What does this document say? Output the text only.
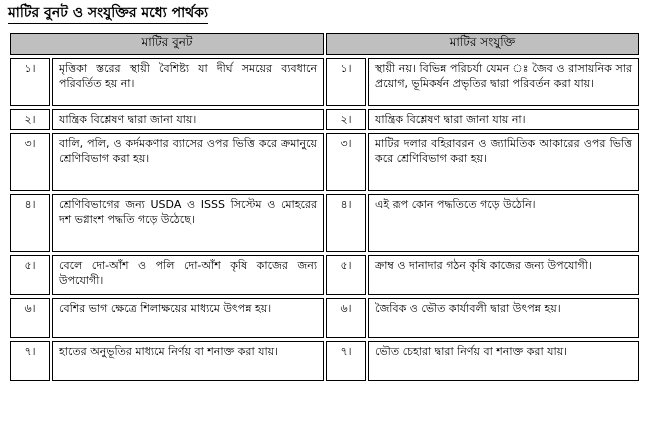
মাটির বুনট ও সংযুক্তির মধ্যে পার্থক্য
মাটির বুনট		মাটির সংযুক্তি	
১।	মৃত্তিকা স্তরের স্থায়ী বৈশিষ্ট্য যা দীর্ঘ সময়ের ব্যবধানে পরিবর্তিত হয় না।	১।	স্থায়ী নয়। বিভিন্ন পরিচর্যা যেমন ঃ জৈব ও রাসায়নিক সার প্রয়োগ, ভূমিকর্ষন প্রভৃতির দ্বারা পরিবর্তন করা যায়।
২।	যান্ত্রিক বিশ্লেষণ দ্বারা জানা যায়।	২।	যান্ত্রিক বিশ্লেষণ দ্বারা জানা যায় না।
৩।	বালি, পলি, ও কর্দমকণার ব্যাসের ওপর ভিত্তি করে ক্রমানুয়ে শ্রেণিবিভাগ করা হয়।	৩।	মাটির দলার বহিরাবরন ও জ্যামিতিক আকারের ওপর ভিত্তি করে শ্রেণিবিভাগ করা হয়।
৪।	শ্রেণিবিভাগের জন্য USDA ও ISSS সিস্টেম ও মোহরের দশ ভগ্নাংশ পদ্ধতি গড়ে উঠেছে।	৪।	এই রূপ কোন পদ্ধতিতে গড়ে উঠেনি।
৫।	বেলে দো-আঁশ ও পলি দো-আঁশ কৃষি কাজের জন্য উপযোগী।	৫।	ক্রাম্ব ও দানাদার গঠন কৃষি কাজের জন্য উপযোগী।
৬।	বেশির ভাগ ক্ষেত্রে শিলাক্ষয়ের মাধ্যমে উৎপন্ন হয়।	৬।	জৈবিক ও ভৌত কার্যাবলী দ্বারা উৎপন্ন হয়।
৭।	হাতের অনুভূতির মাধ্যমে নির্ণয় বা শনাক্ত করা যায়।	৭।	ভৌত চেহারা দ্বারা নির্ণয় বা শনাক্ত করা যায়।
